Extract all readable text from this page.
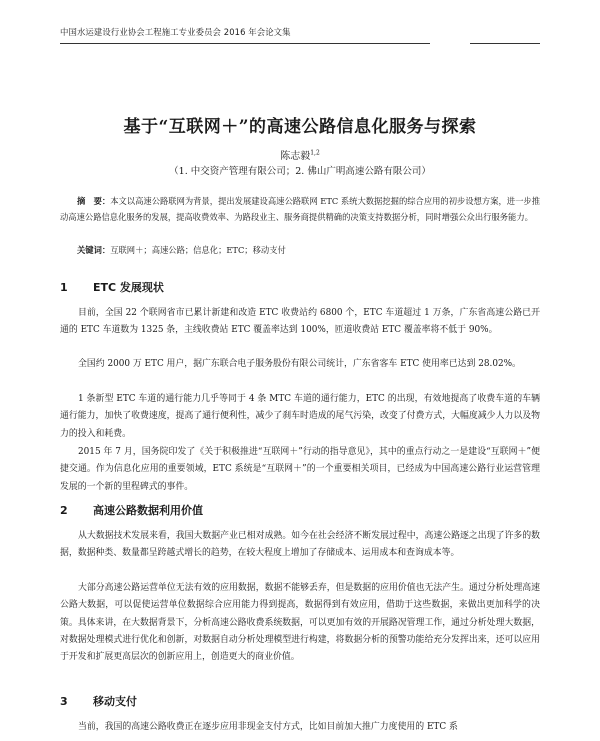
中国水运建设行业协会工程施工专业委员会 2016 年会论文集
基于“互联网＋”的高速公路信息化服务与探索
陈志毅$^{1,2}$
（1. 中交资产管理有限公司；2. 佛山广明高速公路有限公司）
摘　要：本文以高速公路联网为背景，提出发展建设高速公路联网 ETC 系统大数据挖掘的综合应用的初步设想方案，进一步推动高速公路信息化服务的发展，提高收费效率、为路段业主、服务商提供精确的决策支持数据分析，同时增强公众出行服务能力。
关键词：互联网＋；高速公路；信息化；ETC；移动支付
1 ETC 发展现状
目前，全国 22 个联网省市已累计新建和改造 ETC 收费站约 6800 个，ETC 车道超过 1 万条，广东省高速公路已开通的 ETC 车道数为 1325 条，主线收费站 ETC 覆盖率达到 100%，匝道收费站 ETC 覆盖率将不低于 90%。
全国约 2000 万 ETC 用户，据广东联合电子服务股份有限公司统计，广东省客车 ETC 使用率已达到 28.02%。
1 条新型 ETC 车道的通行能力几乎等同于 4 条 MTC 车道的通行能力，ETC 的出现，有效地提高了收费车道的车辆通行能力，加快了收费速度，提高了通行便利性，减少了刹车时造成的尾气污染，改变了付费方式，大幅度减少人力以及物力的投入和耗费。
2015 年 7 月，国务院印发了《关于积极推进“互联网＋”行动的指导意见》，其中的重点行动之一是建设“互联网＋”便捷交通。作为信息化应用的重要领域，ETC 系统是“互联网＋”的一个重要相关项目，已经成为中国高速公路行业运营管理发展的一个新的里程碑式的事件。
2 高速公路数据利用价值
从大数据技术发展来看，我国大数据产业已相对成熟。如今在社会经济不断发展过程中，高速公路逐之出现了许多的数据，数据种类、数量都呈跨越式增长的趋势，在较大程度上增加了存储成本、运用成本和查询成本等。
大部分高速公路运营单位无法有效的应用数据，数据不能够丢弃，但是数据的应用价值也无法产生。通过分析处理高速公路大数据，可以促使运营单位数据综合应用能力得到提高，数据得到有效应用，借助于这些数据，来做出更加科学的决策。具体来讲，在大数据背景下，分析高速公路收费系统数据，可以更加有效的开展路况管理工作，通过分析处理大数据，对数据处理模式进行优化和创新，对数据自动分析处理模型进行构建，将数据分析的预警功能给充分发挥出来，还可以应用于开发和扩展更高层次的创新应用上，创造更大的商业价值。
3 移动支付
当前，我国的高速公路收费正在逐步应用非现金支付方式，比如目前加大推广力度使用的 ETC 系
